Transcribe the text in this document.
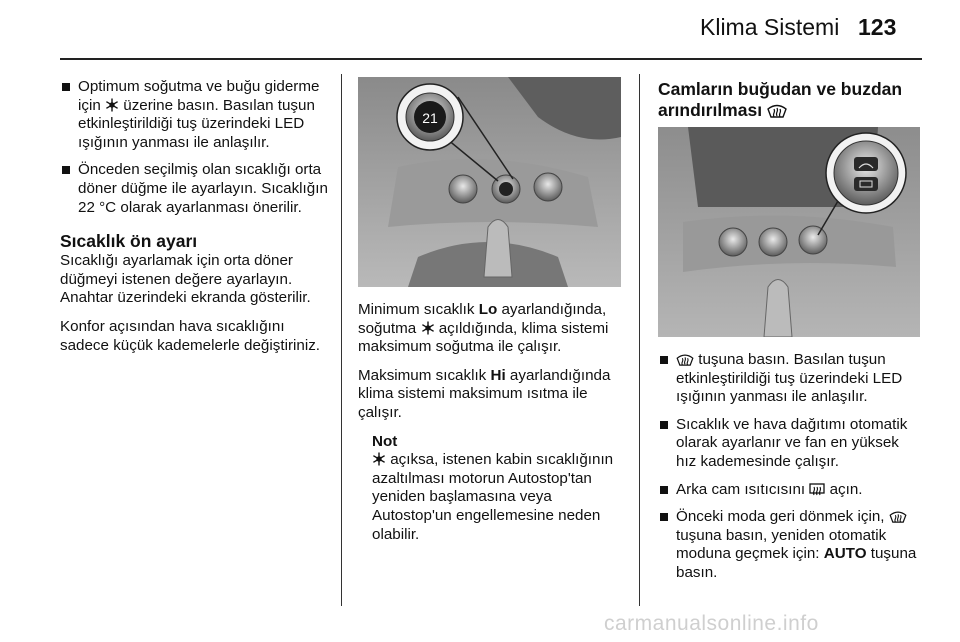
Klima Sistemi 123
Optimum soğutma ve buğu giderme için üzerine basın. Basılan tuşun etkinleştirildiği tuş üzerindeki LED ışığının yanması ile anlaşılır.
Önceden seçilmiş olan sıcaklığı orta döner düğme ile ayarlayın. Sıcaklığın 22 °C olarak ayarlanması önerilir.
Sıcaklık ön ayarı

Sıcaklığı ayarlamak için orta döner düğmeyi istenen değere ayarlayın. Anahtar üzerindeki ekranda gösterilir.

Konfor açısından hava sıcaklığını sadece küçük kademelerle değiştiriniz.

21

Minimum sıcaklık Lo ayarlandığında, soğutma açıldığında, klima sistemi maksimum soğutma ile çalışır.

Maksimum sıcaklık Hi ayarlandığında klima sistemi maksimum ısıtma ile çalışır.

Not
açıksa, istenen kabin sıcaklığının azaltılması motorun Autostop'tan yeniden başlamasına veya Autostop'un engellemesine neden olabilir.
Camların buğudan ve buzdan
arındırılması
tuşuna basın. Basılan tuşun etkinleştirildiği tuş üzerindeki LED ışığının yanması ile anlaşılır.
Sıcaklık ve hava dağıtımı otomatik olarak ayarlanır ve fan en yüksek hız kademesinde çalışır.
Arka cam ısıtıcısını açın.
Önceki moda geri dönmek için,  tuşuna basın, yeniden otomatik moduna geçmek için: AUTO tuşuna basın.
carmanualsonline.info
